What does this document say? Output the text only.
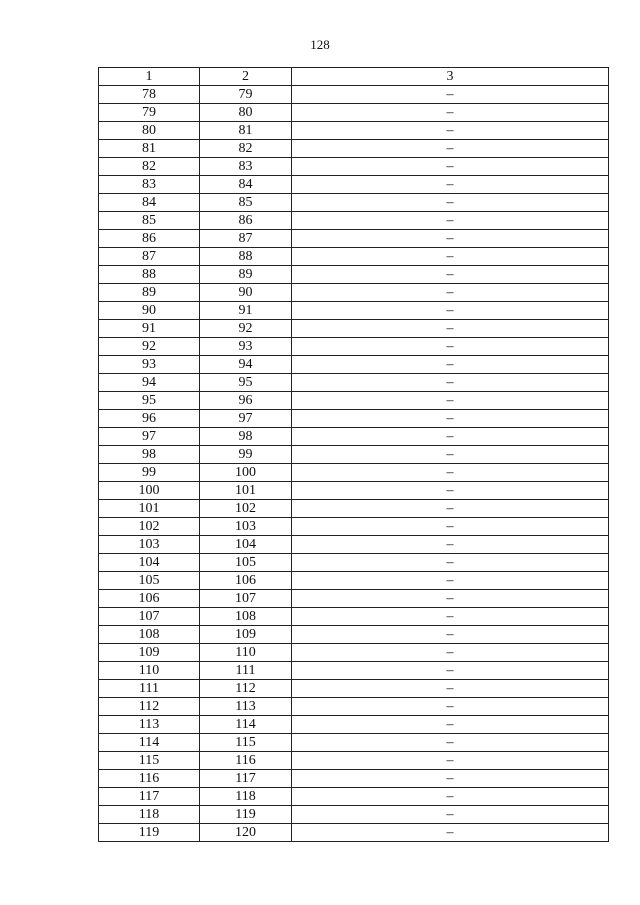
128
1	2	3
78	79	–
79	80	–
80	81	–
81	82	–
82	83	–
83	84	–
84	85	–
85	86	–
86	87	–
87	88	–
88	89	–
89	90	–
90	91	–
91	92	–
92	93	–
93	94	–
94	95	–
95	96	–
96	97	–
97	98	–
98	99	–
99	100	–
100	101	–
101	102	–
102	103	–
103	104	–
104	105	–
105	106	–
106	107	–
107	108	–
108	109	–
109	110	–
110	111	–
111	112	–
112	113	–
113	114	–
114	115	–
115	116	–
116	117	–
117	118	–
118	119	–
119	120	–
